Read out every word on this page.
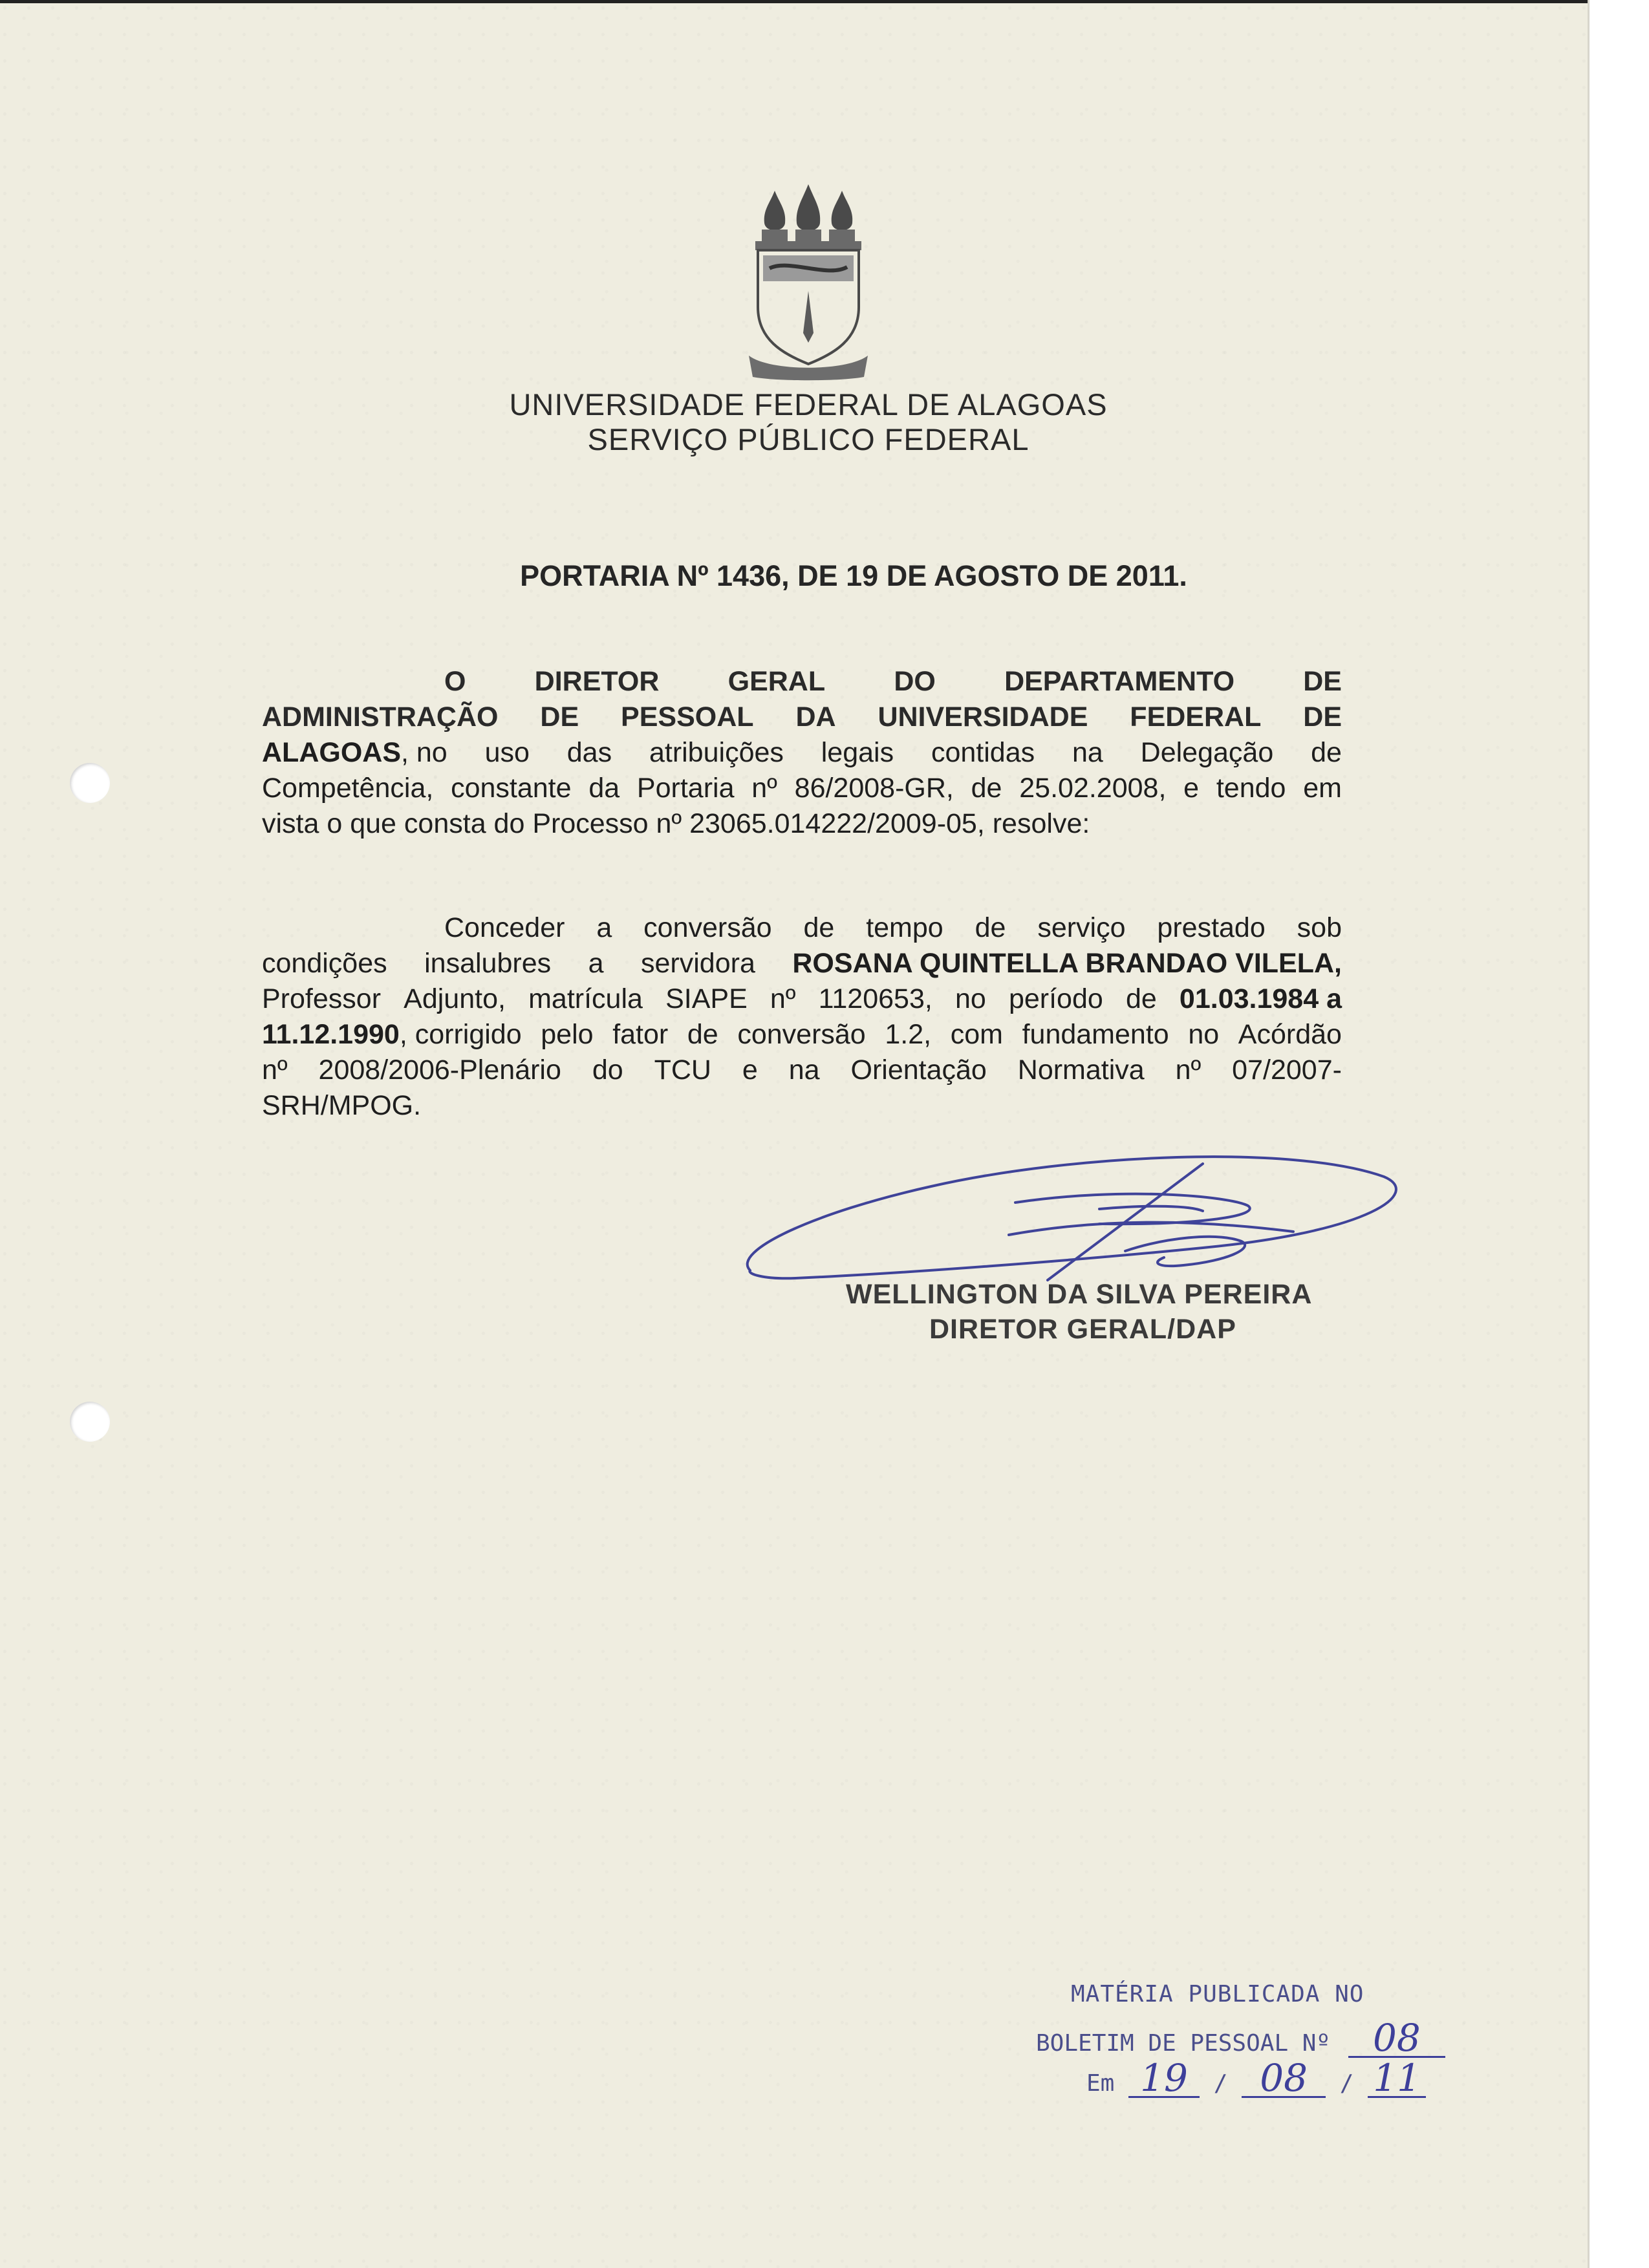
UNIVERSIDADE FEDERAL DE ALAGOAS
SERVIÇO PÚBLICO FEDERAL
PORTARIA Nº 1436, DE 19 DE AGOSTO DE 2011.
O DIRETOR GERAL DO DEPARTAMENTO DE
ADMINISTRAÇÃO DE PESSOAL DA UNIVERSIDADE FEDERAL DE
ALAGOAS, no uso das atribuições legais contidas na Delegação de
Competência, constante da Portaria nº 86/2008-GR, de 25.02.2008, e tendo em
vista o que consta do Processo nº 23065.014222/2009-05, resolve:
Conceder a conversão de tempo de serviço prestado sob
condições insalubres a servidora ROSANA QUINTELLA BRANDAO VILELA,
Professor Adjunto, matrícula SIAPE nº 1120653, no período de 01.03.1984 a
11.12.1990, corrigido pelo fator de conversão 1.2, com fundamento no Acórdão
nº 2008/2006-Plenário do TCU e na Orientação Normativa nº 07/2007-
SRH/MPOG.
WELLINGTON DA SILVA PEREIRA
DIRETOR GERAL/DAP
MATÉRIA PUBLICADA NO
BOLETIM DE PESSOAL Nº 08
Em 19 / 08 / 11
